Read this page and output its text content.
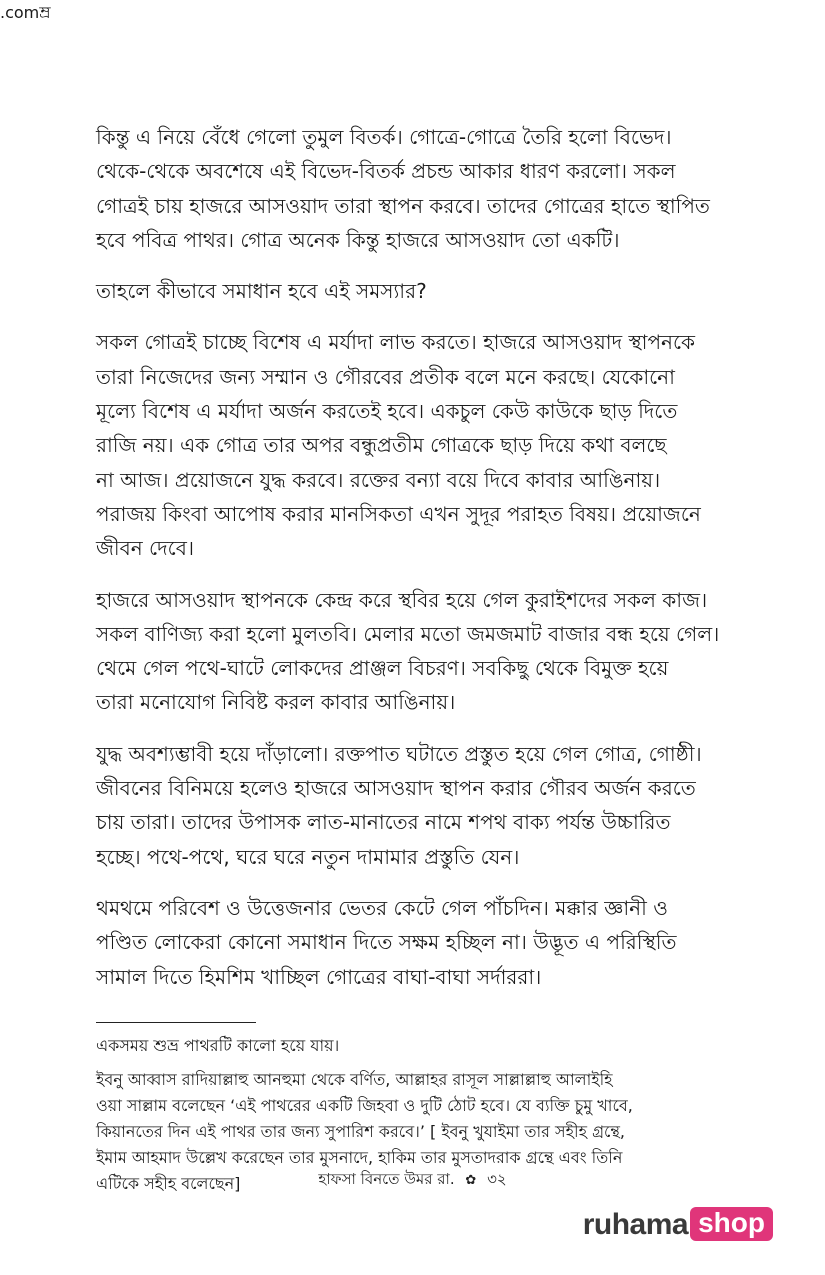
কিন্তু এ নিয়ে বেঁধে গেলো তুমুল বিতর্ক। গোত্রে-গোত্রে তৈরি হলো বিভেদ।
থেকে-থেকে অবশেষে এই বিভেদ-বিতর্ক প্রচন্ড আকার ধারণ করলো। সকল
গোত্রই চায় হাজরে আসওয়াদ তারা স্থাপন করবে। তাদের গোত্রের হাতে স্থাপিত
হবে পবিত্র পাথর। গোত্র অনেক কিন্তু হাজরে আসওয়াদ তো একটি।

তাহলে কীভাবে সমাধান হবে এই সমস্যার?

সকল গোত্রই চাচ্ছে বিশেষ এ মর্যাদা লাভ করতে। হাজরে আসওয়াদ স্থাপনকে
তারা নিজেদের জন্য সম্মান ও গৌরবের প্রতীক বলে মনে করছে। যেকোনো
মূল্যে বিশেষ এ মর্যাদা অর্জন করতেই হবে। একচুল কেউ কাউকে ছাড় দিতে
রাজি নয়। এক গোত্র তার অপর বন্ধুপ্রতীম গোত্রকে ছাড় দিয়ে কথা বলছে
না আজ। প্রয়োজনে যুদ্ধ করবে। রক্তের বন্যা বয়ে দিবে কাবার আঙিনায়।
পরাজয় কিংবা আপোষ করার মানসিকতা এখন সুদূর পরাহত বিষয়। প্রয়োজনে
জীবন দেবে।

হাজরে আসওয়াদ স্থাপনকে কেন্দ্র করে স্থবির হয়ে গেল কুরাইশদের সকল কাজ।
সকল বাণিজ্য করা হলো মুলতবি। মেলার মতো জমজমাট বাজার বন্ধ হয়ে গেল।
থেমে গেল পথে-ঘাটে লোকদের প্রাঞ্জল বিচরণ। সবকিছু থেকে বিমুক্ত হয়ে
তারা মনোযোগ নিবিষ্ট করল কাবার আঙিনায়।

যুদ্ধ অবশ্যম্ভাবী হয়ে দাঁড়ালো। রক্তপাত ঘটাতে প্রস্তুত হয়ে গেল গোত্র, গোষ্ঠী।
জীবনের বিনিময়ে হলেও হাজরে আসওয়াদ স্থাপন করার গৌরব অর্জন করতে
চায় তারা। তাদের উপাসক লাত-মানাতের নামে শপথ বাক্য পর্যন্ত উচ্চারিত
হচ্ছে। পথে-পথে, ঘরে ঘরে নতুন দামামার প্রস্তুতি যেন।

থমথমে পরিবেশ ও উত্তেজনার ভেতর কেটে গেল পাঁচদিন। মক্কার জ্ঞানী ও
পণ্ডিত লোকেরা কোনো সমাধান দিতে সক্ষম হচ্ছিল না। উদ্ভূত এ পরিস্থিতি
সামাল দিতে হিমশিম খাচ্ছিল গোত্রের বাঘা-বাঘা সর্দাররা।

একসময় শুভ্র পাথরটি কালো হয়ে যায়।

ইবনু আব্বাস রাদিয়াল্লাহু আনহুমা থেকে বর্ণিত, আল্লাহর রাসূল সাল্লাল্লাহু আলাইহি
ওয়া সাল্লাম বলেছেন ‘এই পাথরের একটি জিহবা ও দুটি ঠোট হবে। যে ব্যক্তি চুমু খাবে,
কিয়ানতের দিন এই পাথর তার জন্য সুপারিশ করবে।’ [ ইবনু খুযাইমা তার সহীহ গ্রন্থে,
ইমাম আহমাদ উল্লেখ করেছেন তার মুসনাদে, হাকিম তার মুসতাদরাক গ্রন্থে এবং তিনি
এটিকে সহীহ বলেছেন]	হাফসা বিনতে উমর রা. ✿ ৩২
ruhama shop
.comম্র
